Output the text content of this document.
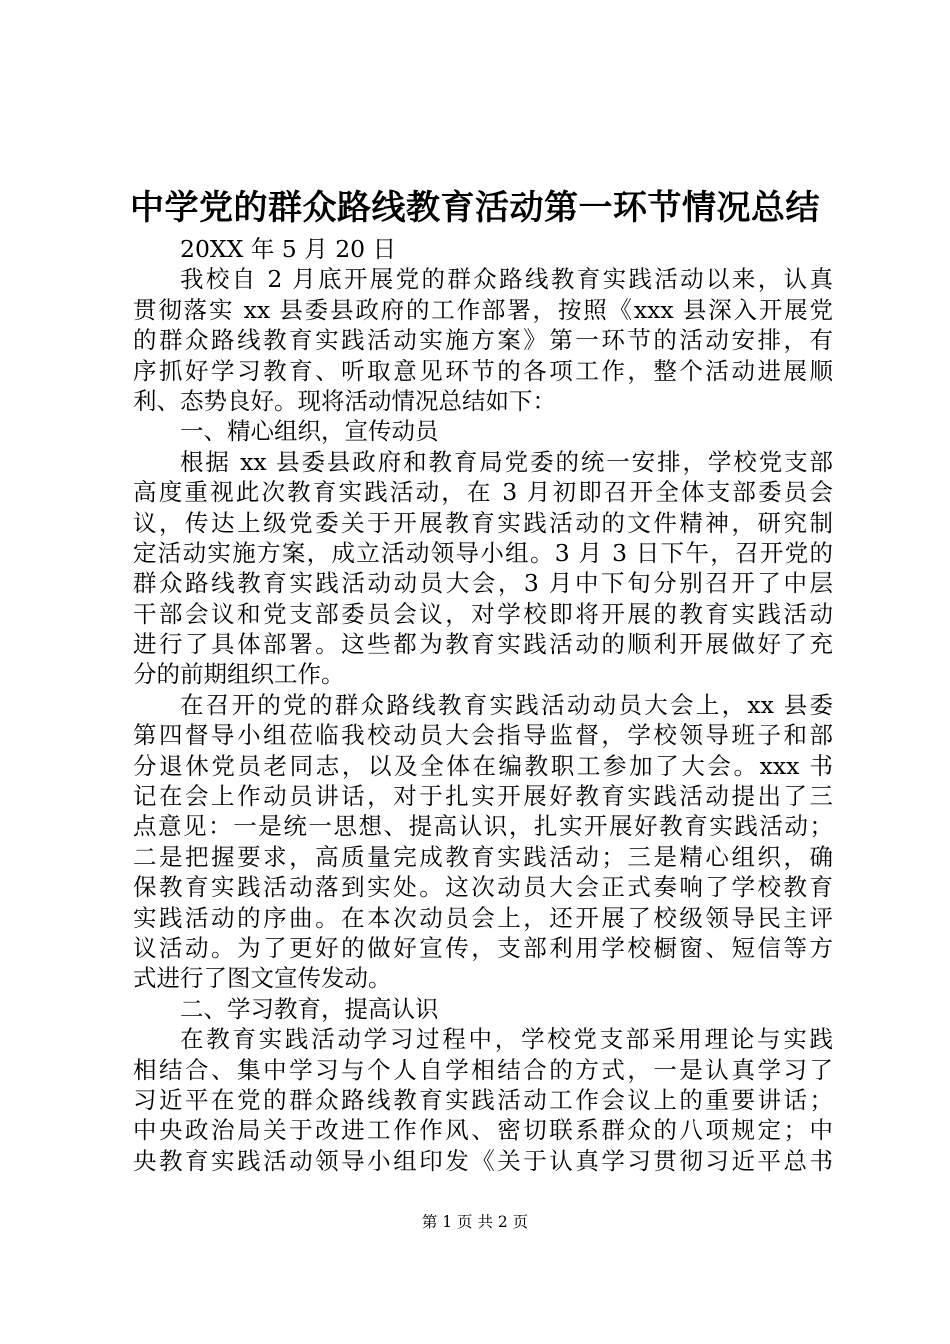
中学党的群众路线教育活动第一环节情况总结
20XX 年 5 月 20 日
我校自 2 月底开展党的群众路线教育实践活动以来，认真
贯彻落实 xx 县委县政府的工作部署，按照《xxx 县深入开展党
的群众路线教育实践活动实施方案》第一环节的活动安排，有
序抓好学习教育、听取意见环节的各项工作，整个活动进展顺
利、态势良好。现将活动情况总结如下：
一、精心组织，宣传动员
根据 xx 县委县政府和教育局党委的统一安排，学校党支部
高度重视此次教育实践活动，在 3 月初即召开全体支部委员会
议，传达上级党委关于开展教育实践活动的文件精神，研究制
定活动实施方案，成立活动领导小组。3 月 3 日下午，召开党的
群众路线教育实践活动动员大会，3 月中下旬分别召开了中层
干部会议和党支部委员会议，对学校即将开展的教育实践活动
进行了具体部署。这些都为教育实践活动的顺利开展做好了充
分的前期组织工作。
在召开的党的群众路线教育实践活动动员大会上，xx 县委
第四督导小组莅临我校动员大会指导监督，学校领导班子和部
分退休党员老同志，以及全体在编教职工参加了大会。xxx 书
记在会上作动员讲话，对于扎实开展好教育实践活动提出了三
点意见：一是统一思想、提高认识，扎实开展好教育实践活动；
二是把握要求，高质量完成教育实践活动；三是精心组织，确
保教育实践活动落到实处。这次动员大会正式奏响了学校教育
实践活动的序曲。在本次动员会上，还开展了校级领导民主评
议活动。为了更好的做好宣传，支部利用学校橱窗、短信等方
式进行了图文宣传发动。
二、学习教育，提高认识
在教育实践活动学习过程中，学校党支部采用理论与实践
相结合、集中学习与个人自学相结合的方式，一是认真学习了
习近平在党的群众路线教育实践活动工作会议上的重要讲话；
中央政治局关于改进工作作风、密切联系群众的八项规定；中
央教育实践活动领导小组印发《关于认真学习贯彻习近平总书
第 1 页 共 2 页
